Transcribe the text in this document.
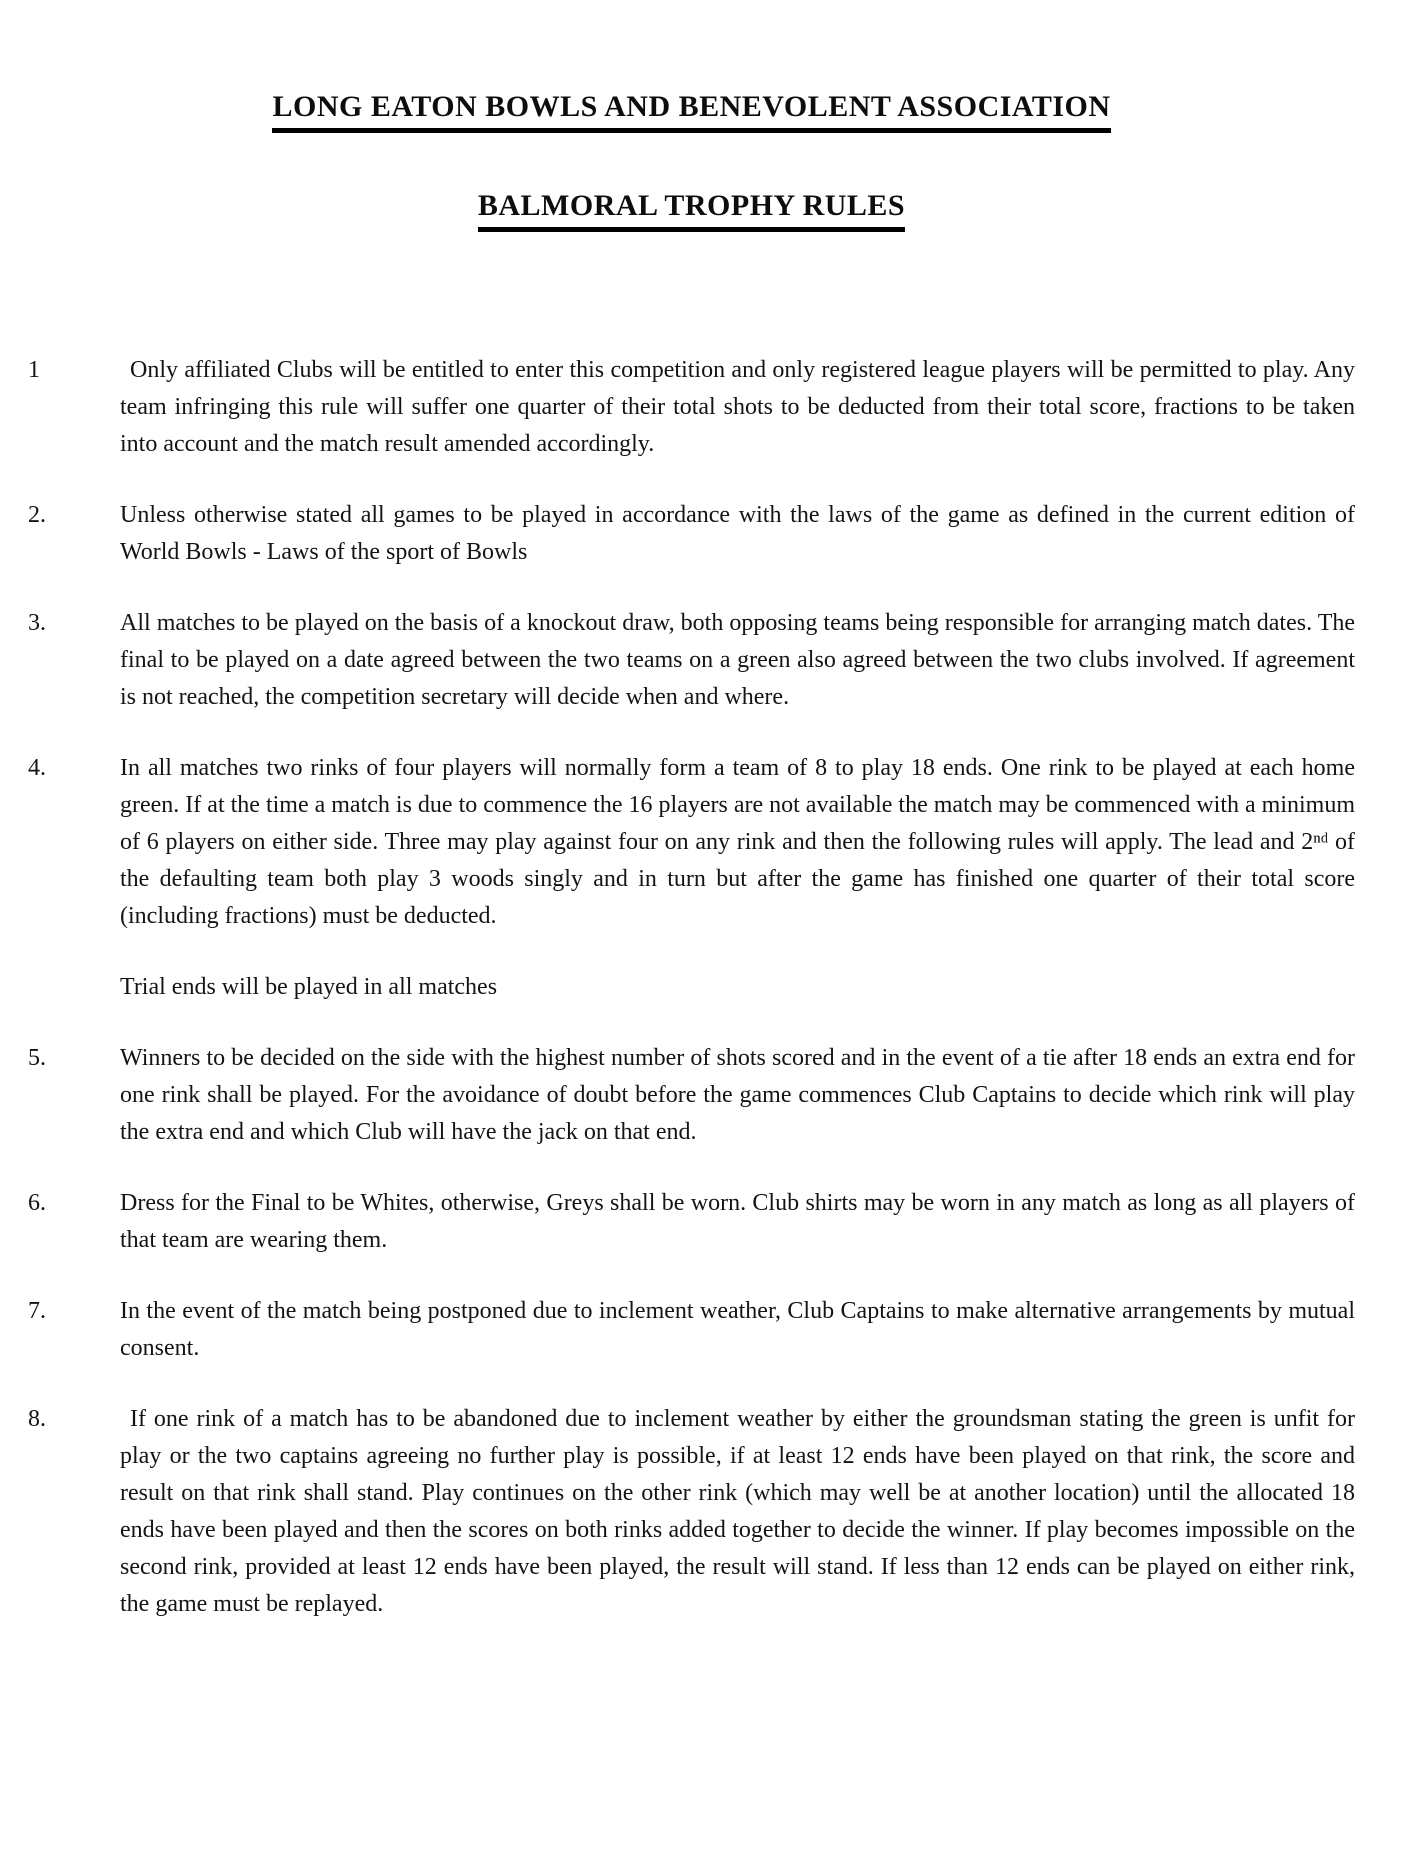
LONG EATON BOWLS AND BENEVOLENT ASSOCIATION
BALMORAL TROPHY RULES
1	Only affiliated Clubs will be entitled to enter this competition and only registered league players will be permitted to play. Any team infringing this rule will suffer one quarter of their total shots to be deducted from their total score, fractions to be taken into account and the match result amended accordingly.
2.	Unless otherwise stated all games to be played in accordance with the laws of the game as defined in the current edition of World Bowls - Laws of the sport of Bowls
3.	All matches to be played on the basis of a knockout draw, both opposing teams being responsible for arranging match dates. The final to be played on a date agreed between the two teams on a green also agreed between the two clubs involved. If agreement is not reached, the competition secretary will decide when and where.
4.	In all matches two rinks of four players will normally form a team of 8 to play 18 ends. One rink to be played at each home green. If at the time a match is due to commence the 16 players are not available the match may be commenced with a minimum of 6 players on either side. Three may play against four on any rink and then the following rules will apply. The lead and 2ⁿᵈ of the defaulting team both play 3 woods singly and in turn but after the game has finished one quarter of their total score (including fractions) must be deducted.
Trial ends will be played in all matches
5.	Winners to be decided on the side with the highest number of shots scored and in the event of a tie after 18 ends an extra end for one rink shall be played. For the avoidance of doubt before the game commences Club Captains to decide which rink will play the extra end and which Club will have the jack on that end.
6.	Dress for the Final to be Whites, otherwise, Greys shall be worn. Club shirts may be worn in any match as long as all players of that team are wearing them.
7.	In the event of the match being postponed due to inclement weather, Club Captains to make alternative arrangements by mutual consent.
8.	If one rink of a match has to be abandoned due to inclement weather by either the groundsman stating the green is unfit for play or the two captains agreeing no further play is possible, if at least 12 ends have been played on that rink, the score and result on that rink shall stand. Play continues on the other rink (which may well be at another location) until the allocated 18 ends have been played and then the scores on both rinks added together to decide the winner. If play becomes impossible on the second rink, provided at least 12 ends have been played, the result will stand. If less than 12 ends can be played on either rink, the game must be replayed.
